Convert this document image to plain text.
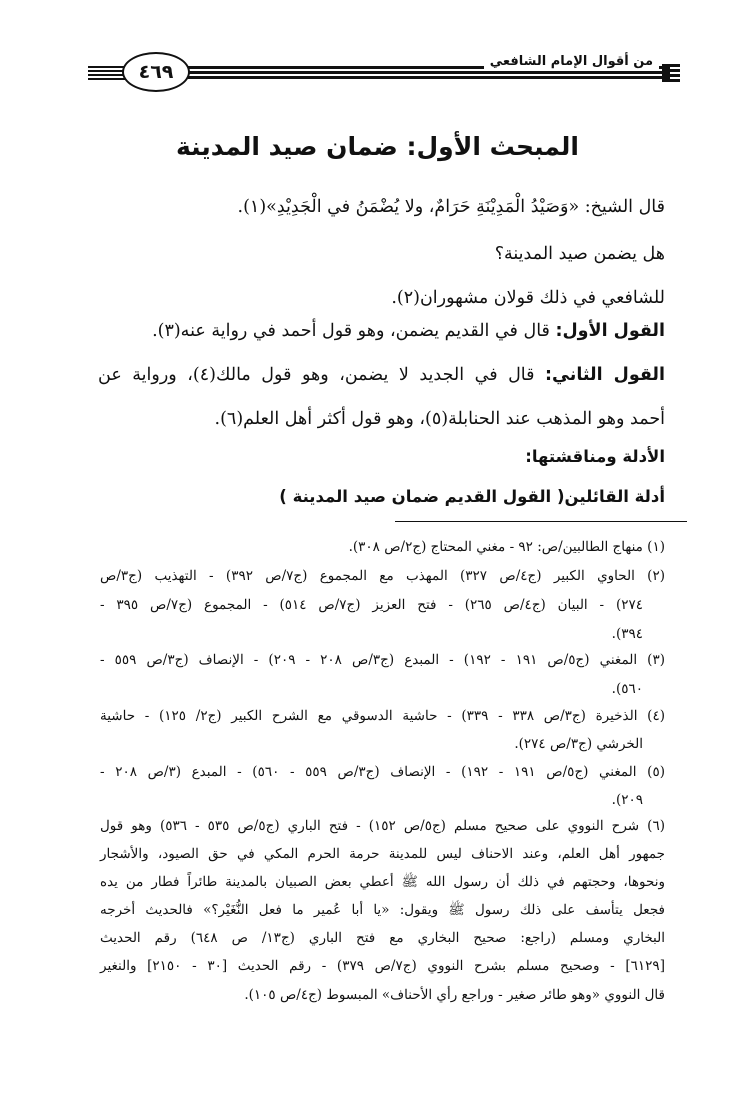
٤٦٩	من أقوال الإمام الشافعي
المبحث الأول: ضمان صيد المدينة
قال الشيخ: «وَصَيْدُ الْمَدِيْنَةِ حَرَامٌ، ولا يُضْمَنُ في الْجَدِيْدِ»(١).
هل يضمن صيد المدينة؟
للشافعي في ذلك قولان مشهوران(٢).
القول الأول: قال في القديم يضمن، وهو قول أحمد في رواية عنه(٣).
القول الثاني: قال في الجديد لا يضمن، وهو قول مالك(٤)، ورواية عن
أحمد وهو المذهب عند الحنابلة(٥)، وهو قول أكثر أهل العلم(٦).
الأدلة ومناقشتها:
أدلة القائلين( القول القديم ضمان صيد المدينة )
(١) منهاج الطالبين/ص: ٩٢ - مغني المحتاج (ج٢/ص ٣٠٨).
(٢) الحاوي الكبير (ج٤/ص ٣٢٧) المهذب مع المجموع (ج٧/ص ٣٩٢) - التهذيب (ج٣/ص
٢٧٤) - البيان (ج٤/ص ٢٦٥) - فتح العزيز (ج٧/ص ٥١٤) - المجموع (ج٧/ص ٣٩٥ -
٣٩٤).
(٣) المغني (ج٥/ص ١٩١ - ١٩٢) - المبدع (ج٣/ص ٢٠٨ - ٢٠٩) - الإنصاف (ج٣/ص ٥٥٩ -
٥٦٠).
(٤) الذخيرة (ج٣/ص ٣٣٨ - ٣٣٩) - حاشية الدسوقي مع الشرح الكبير (ج٢/ ١٢٥) - حاشية
الخرشي (ج٣/ص ٢٧٤).
(٥) المغني (ج٥/ص ١٩١ - ١٩٢) - الإنصاف (ج٣/ص ٥٥٩ - ٥٦٠) - المبدع (٣/ص ٢٠٨ -
٢٠٩).
(٦) شرح النووي على صحيح مسلم (ج٥/ص ١٥٢) - فتح الباري (ج٥/ص ٥٣٥ - ٥٣٦) وهو قول
جمهور أهل العلم، وعند الاحناف ليس للمدينة حرمة الحرم المكي في حق الصيود، والأشجار
ونحوها، وحجتهم في ذلك أن رسول الله ﷺ أعطي بعض الصبيان بالمدينة طائراً فطار من يده
فجعل يتأسف على ذلك رسول ﷺ ويقول: «يا أبا عُمير ما فعل النُّغَيْر؟» فالحديث أخرجه
البخاري ومسلم (راجع: صحيح البخاري مع فتح الباري (ج١٣/ ص ٦٤٨) رقم الحديث
[٦١٢٩] - وصحيح مسلم بشرح النووي (ج٧/ص ٣٧٩) - رقم الحديث [٣٠ - ٢١٥٠] والنغير
قال النووي «وهو طائر صغير - وراجع رأي الأحناف» المبسوط (ج٤/ص ١٠٥).
